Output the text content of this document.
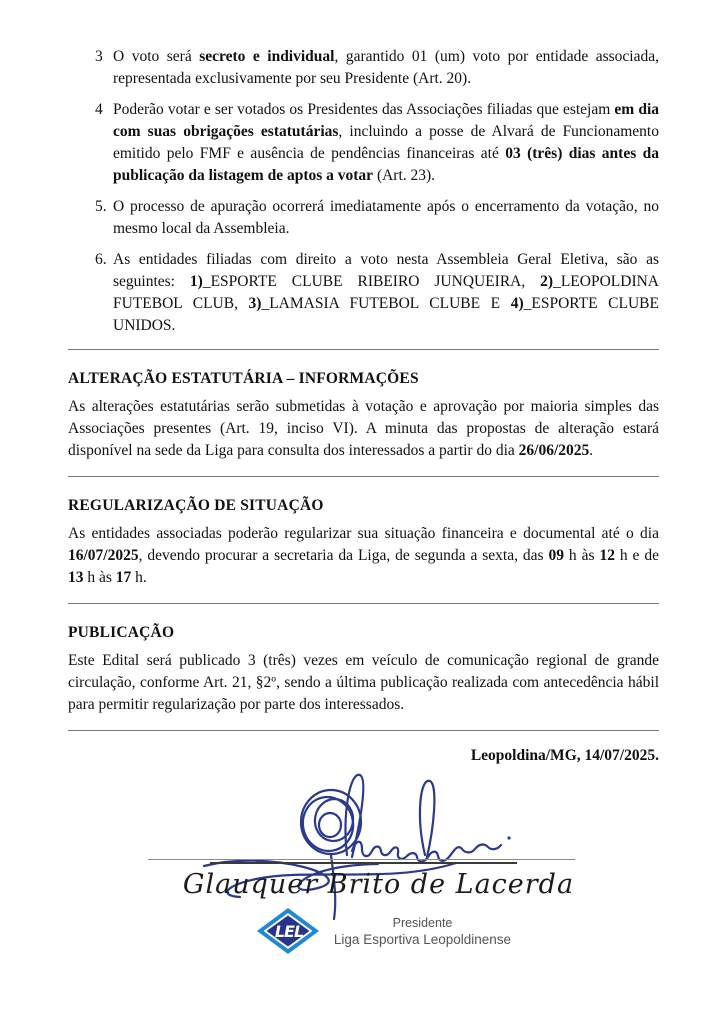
3 O voto será secreto e individual, garantido 01 (um) voto por entidade associada, representada exclusivamente por seu Presidente (Art. 20).
4 Poderão votar e ser votados os Presidentes das Associações filiadas que estejam em dia com suas obrigações estatutárias, incluindo a posse de Alvará de Funcionamento emitido pelo FMF e ausência de pendências financeiras até 03 (três) dias antes da publicação da listagem de aptos a votar (Art. 23).
5. O processo de apuração ocorrerá imediatamente após o encerramento da votação, no mesmo local da Assembleia.
6. As entidades filiadas com direito a voto nesta Assembleia Geral Eletiva, são as seguintes: 1)_ESPORTE CLUBE RIBEIRO JUNQUEIRA, 2)_LEOPOLDINA FUTEBOL CLUB, 3)_LAMASIA FUTEBOL CLUBE E 4)_ESPORTE CLUBE UNIDOS.
ALTERAÇÃO ESTATUTÁRIA – INFORMAÇÕES

As alterações estatutárias serão submetidas à votação e aprovação por maioria simples das Associações presentes (Art. 19, inciso VI). A minuta das propostas de alteração estará disponível na sede da Liga para consulta dos interessados a partir do dia 26/06/2025.

REGULARIZAÇÃO DE SITUAÇÃO

As entidades associadas poderão regularizar sua situação financeira e documental até o dia 16/07/2025, devendo procurar a secretaria da Liga, de segunda a sexta, das 09 h às 12 h e de 13 h às 17 h.

PUBLICAÇÃO

Este Edital será publicado 3 (três) vezes em veículo de comunicação regional de grande circulação, conforme Art. 21, §2º, sendo a última publicação realizada com antecedência hábil para permitir regularização por parte dos interessados.

Leopoldina/MG, 14/07/2025.

Glauquer Brito de Lacerda
LEL	Presidente
Liga Esportiva Leopoldinense
